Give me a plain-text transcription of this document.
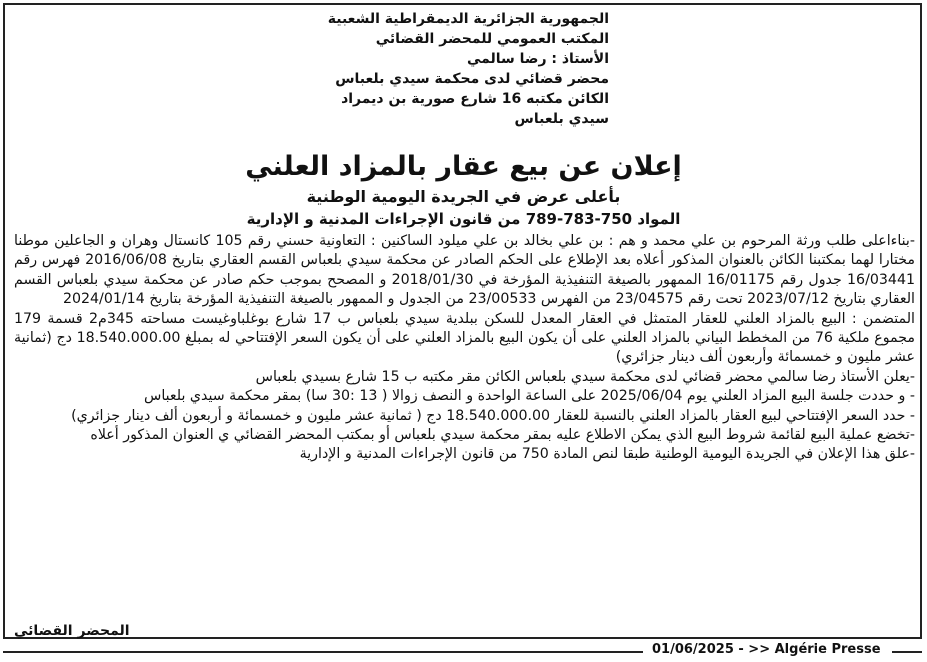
الجمهورية الجزائرية الديمقراطية الشعبية
المكتب العمومي للمحضر القضائي
الأستاذ : رضا سالمي
محضر قضائي لدى محكمة سيدي بلعباس
الكائن مكتبه 16 شارع صورية بن ديمراد
سيدي بلعباس
إعلان عن بيع عقار بالمزاد العلني
بأعلى عرض في الجريدة اليومية الوطنية
المواد 750-783-789 من قانون الإجراءات المدنية و الإدارية

-بناءاعلى طلب ورثة المرحوم بن علي محمد و هم : بن علي بخالد بن علي ميلود الساكنين : التعاونية حسني رقم 105 كانستال وهران و الجاعلين موطنا مختارا لهما بمكتبنا الكائن بالعنوان المذكور أعلاه بعد الإطلاع على الحكم الصادر عن محكمة سيدي بلعباس القسم العقاري بتاريخ 2016/06/08 فهرس رقم 16/03441 جدول رقم 16/01175 الممهور بالصيغة التنفيذية المؤرخة في 2018/01/30 و المصحح بموجب حكم صادر عن محكمة سيدي بلعباس القسم العقاري بتاريخ 2023/07/12 تحت رقم 23/04575 من الفهرس 23/00533 من الجدول و الممهور بالصيغة التنفيذية المؤرخة بتاريخ 2024/01/14

المتضمن : البيع بالمزاد العلني للعقار المتمثل في العقار المعدل للسكن ببلدية سيدي بلعباس ب 17 شارع بوغلباوغيست مساحته 345م2 قسمة 179 مجموع ملكية 76 من المخطط البياني بالمزاد العلني على أن يكون البيع بالمزاد العلني على أن يكون السعر الإفتتاحي له بمبلغ 18.540.000.00 دج (ثمانية عشر مليون و خمسمائة وأربعون ألف دينار جزائري)

-يعلن الأستاذ رضا سالمي محضر قضائي لدى محكمة سيدي بلعباس الكائن مقر مكتبه ب 15 شارع بسيدي بلعباس

- و حددت جلسة البيع المزاد العلني يوم 2025/06/04 على الساعة الواحدة و النصف زوالا ( 13 :30 سا) بمقر محكمة سيدي بلعباس

- حدد السعر الإفتتاحي لبيع العقار بالمزاد العلني بالنسبة للعقار 18.540.000.00 دج ( ثمانية عشر مليون و خمسمائة و أربعون ألف دينار جزائري)

-تخضع عملية البيع لقائمة شروط البيع الذي يمكن الاطلاع عليه بمقر محكمة سيدي بلعباس أو بمكتب المحضر القضائي ي العنوان المذكور أعلاه

-علق هذا الإعلان في الجريدة اليومية الوطنية طبقا لنص المادة 750 من قانون الإجراءات المدنية و الإدارية

المحضر القضائي
01/06/2025 - >> Algérie Presse
